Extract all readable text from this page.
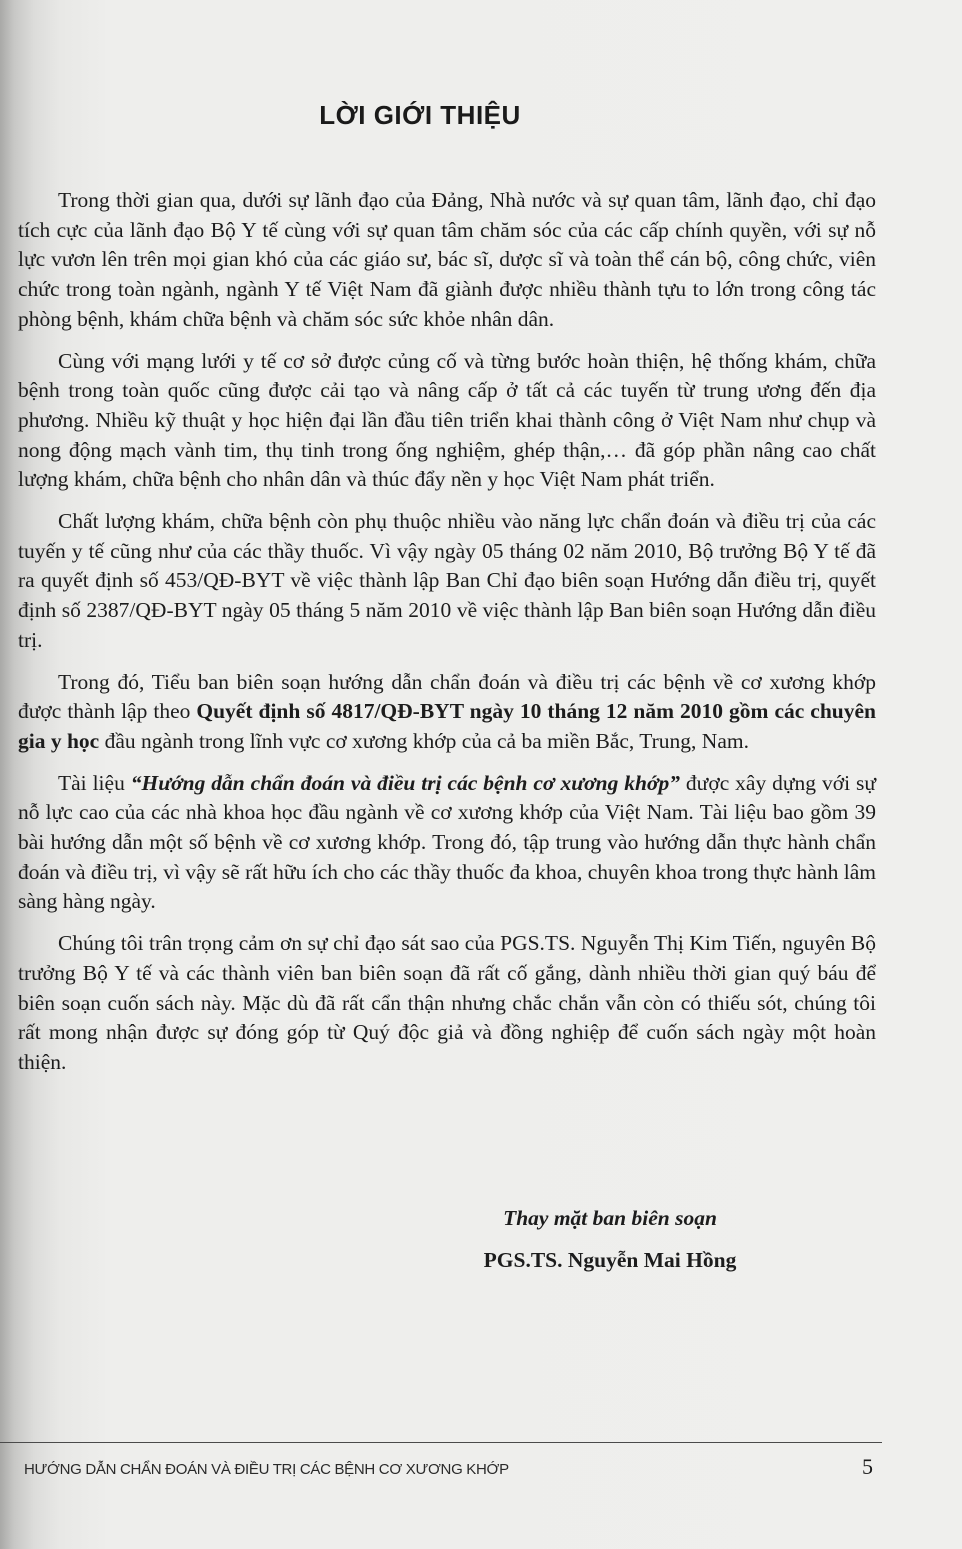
LỜI GIỚI THIỆU

Trong thời gian qua, dưới sự lãnh đạo của Đảng, Nhà nước và sự quan tâm, lãnh đạo, chỉ đạo tích cực của lãnh đạo Bộ Y tế cùng với sự quan tâm chăm sóc của các cấp chính quyền, với sự nỗ lực vươn lên trên mọi gian khó của các giáo sư, bác sĩ, dược sĩ và toàn thể cán bộ, công chức, viên chức trong toàn ngành, ngành Y tế Việt Nam đã giành được nhiều thành tựu to lớn trong công tác phòng bệnh, khám chữa bệnh và chăm sóc sức khỏe nhân dân.

Cùng với mạng lưới y tế cơ sở được củng cố và từng bước hoàn thiện, hệ thống khám, chữa bệnh trong toàn quốc cũng được cải tạo và nâng cấp ở tất cả các tuyến từ trung ương đến địa phương. Nhiều kỹ thuật y học hiện đại lần đầu tiên triển khai thành công ở Việt Nam như chụp và nong động mạch vành tim, thụ tinh trong ống nghiệm, ghép thận,… đã góp phần nâng cao chất lượng khám, chữa bệnh cho nhân dân và thúc đẩy nền y học Việt Nam phát triển.

Chất lượng khám, chữa bệnh còn phụ thuộc nhiều vào năng lực chẩn đoán và điều trị của các tuyến y tế cũng như của các thầy thuốc. Vì vậy ngày 05 tháng 02 năm 2010, Bộ trưởng Bộ Y tế đã ra quyết định số 453/QĐ-BYT về việc thành lập Ban Chỉ đạo biên soạn Hướng dẫn điều trị, quyết định số 2387/QĐ-BYT ngày 05 tháng 5 năm 2010 về việc thành lập Ban biên soạn Hướng dẫn điều trị.

Trong đó, Tiểu ban biên soạn hướng dẫn chẩn đoán và điều trị các bệnh về cơ xương khớp được thành lập theo Quyết định số 4817/QĐ-BYT ngày 10 tháng 12 năm 2010 gồm các chuyên gia y học đầu ngành trong lĩnh vực cơ xương khớp của cả ba miền Bắc, Trung, Nam.

Tài liệu “Hướng dẫn chẩn đoán và điều trị các bệnh cơ xương khớp” được xây dựng với sự nỗ lực cao của các nhà khoa học đầu ngành về cơ xương khớp của Việt Nam. Tài liệu bao gồm 39 bài hướng dẫn một số bệnh về cơ xương khớp. Trong đó, tập trung vào hướng dẫn thực hành chẩn đoán và điều trị, vì vậy sẽ rất hữu ích cho các thầy thuốc đa khoa, chuyên khoa trong thực hành lâm sàng hàng ngày.

Chúng tôi trân trọng cảm ơn sự chỉ đạo sát sao của PGS.TS. Nguyễn Thị Kim Tiến, nguyên Bộ trưởng Bộ Y tế và các thành viên ban biên soạn đã rất cố gắng, dành nhiều thời gian quý báu để biên soạn cuốn sách này. Mặc dù đã rất cẩn thận nhưng chắc chắn vẫn còn có thiếu sót, chúng tôi rất mong nhận được sự đóng góp từ Quý độc giả và đồng nghiệp để cuốn sách ngày một hoàn thiện.

Thay mặt ban biên soạn
PGS.TS. Nguyễn Mai Hồng
HƯỚNG DẪN CHẨN ĐOÁN VÀ ĐIỀU TRỊ CÁC BỆNH CƠ XƯƠNG KHỚP	5
